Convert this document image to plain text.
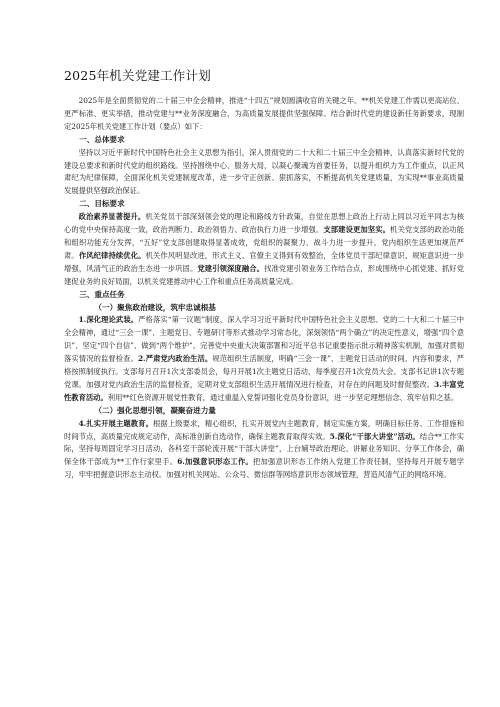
2025年机关党建工作计划

2025年是全面贯彻党的二十届三中全会精神，推进“十四五”规划圆满收官的关键之年。**机关党建工作需以更高站位、更严标准、更实举措，推动党建与**业务深度融合，为高质量发展提供坚强保障。结合新时代党的建设新任务新要求，现制定2025年机关党建工作计划（要点）如下：

一、总体要求

坚持以习近平新时代中国特色社会主义思想为指引，深入贯彻党的二十大和二十届三中全会精神，认真落实新时代党的建设总要求和新时代党的组织路线。坚持围绕中心、服务大局，以凝心聚魂为首要任务，以提升组织力为工作重点，以正风肃纪为纪律保障，全面深化机关党建制度改革，进一步守正创新、狠抓落实，不断提高机关党建质量，为实现**事业高质量发展提供坚强政治保证。

二、目标要求

政治素养显著提升。机关党员干部深刻领会党的理论和路线方针政策，自觉在思想上政治上行动上同以习近平同志为核心的党中央保持高度一致，政治判断力、政治领悟力、政治执行力进一步增强。支部建设更加坚实。机关党支部的政治功能和组织功能充分发挥，“五好”党支部创建取得显著成效，党组织的凝聚力、战斗力进一步提升，党内组织生活更加规范严肃。作风纪律持续优化。机关作风明显改进，形式主义、官僚主义得到有效整治，全体党员干部纪律意识、规矩意识进一步增强，风清气正的政治生态进一步巩固。党建引领深度融合。找准党建引领业务工作结合点，形成围绕中心抓党建、抓好党建促业务的良好局面，以机关党建推动中心工作和重点任务高质量完成。

三、重点任务
（一）聚焦政治建设，筑牢忠诚根基

1.深化理论武装。严格落实“第一议题”制度，深入学习习近平新时代中国特色社会主义思想、党的二十大和二十届三中全会精神，通过“三会一课”、主题党日、专题研讨等形式推动学习常态化，深刻领悟“两个确立”的决定性意义，增强“四个意识”、坚定“四个自信”、做到“两个维护”。完善党中央重大决策部署和习近平总书记重要指示批示精神落实机制，加强对贯彻落实情况的监督检查。2.严肃党内政治生活。规范组织生活制度，明确“三会一课”、主题党日活动的时间、内容和要求，严格按照制度执行。支部每月召开1次支部委员会，每月开展1次主题党日活动，每季度召开1次党员大会、支部书记讲1次专题党课。加强对党内政治生活的监督检查，定期对党支部组织生活开展情况进行检查，对存在的问题及时督促整改。3.丰富党性教育活动。利用**红色资源开展党性教育，通过重温入党誓词强化党员身份意识，进一步坚定理想信念、筑牢信仰之基。

（二）强化思想引领，凝聚奋进力量

4.扎实开展主题教育。根据上级要求，精心组织，扎实开展党内主题教育，制定实施方案，明确目标任务、工作措施和时间节点，高质量完成规定动作，高标准创新自选动作，确保主题教育取得实效。5.深化“干部大讲堂”活动。结合**工作实际，坚持每周固定学习日活动，各科室干部轮流开展“干部大讲堂”，上台辅导政治理论、讲解业务知识、分享工作体会，确保全体干部成为**工作行家里手。6.加强意识形态工作。把加强意识形态工作纳入党建工作责任制，坚持每月开展专题学习，牢牢把握意识形态主动权。加强对机关网站、公众号、微信群等网络意识形态领域管理，营造风清气正的网络环境。
